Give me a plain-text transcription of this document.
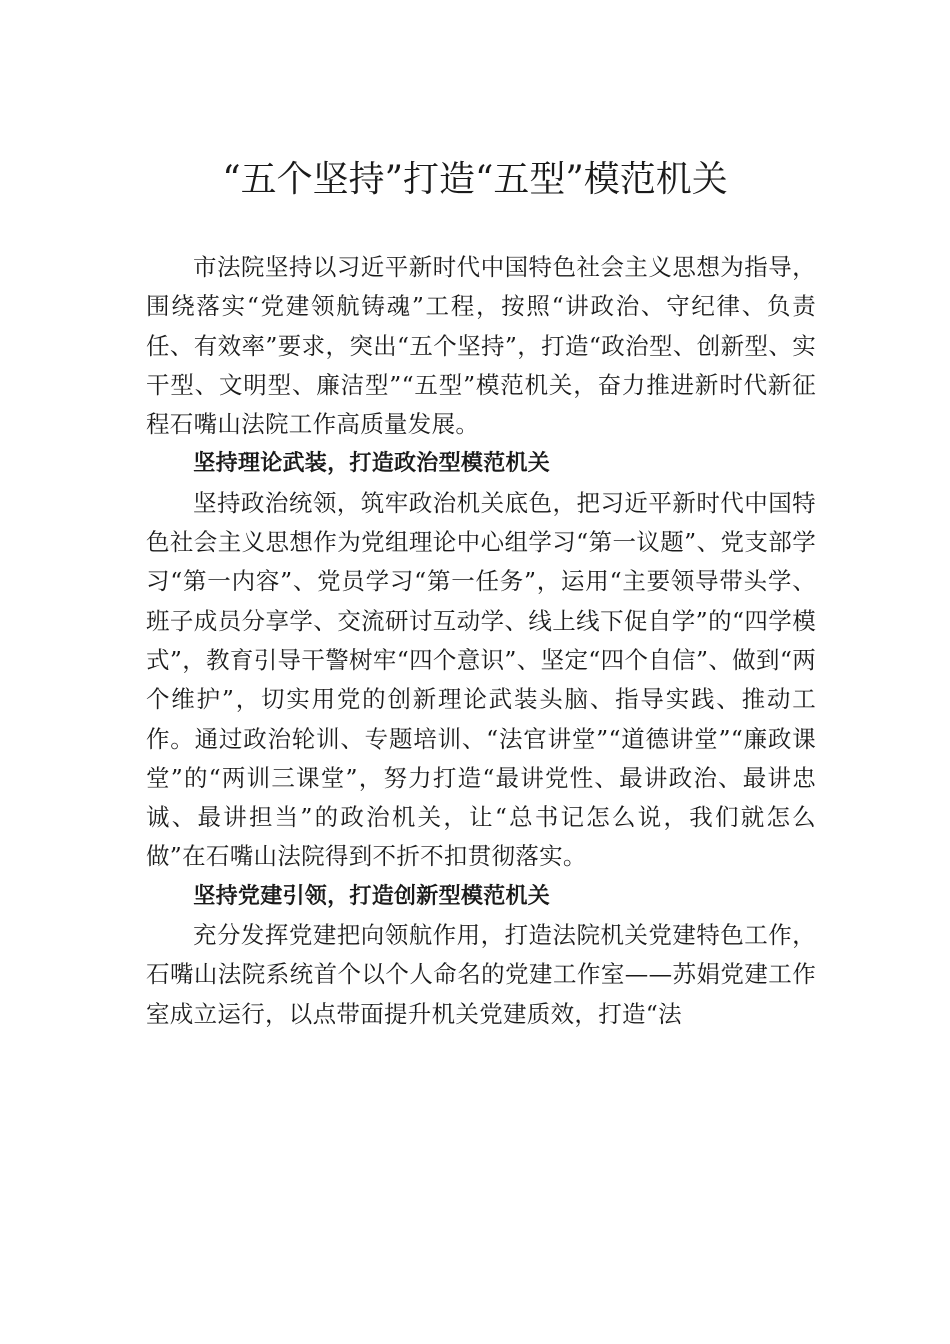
“五个坚持”打造“五型”模范机关

市法院坚持以习近平新时代中国特色社会主义思想为指导，围绕落实“党建领航铸魂”工程，按照“讲政治、守纪律、负责任、有效率”要求，突出“五个坚持”，打造“政治型、创新型、实干型、文明型、廉洁型”“五型”模范机关，奋力推进新时代新征程石嘴山法院工作高质量发展。

坚持理论武装，打造政治型模范机关

坚持政治统领，筑牢政治机关底色，把习近平新时代中国特色社会主义思想作为党组理论中心组学习“第一议题”、党支部学习“第一内容”、党员学习“第一任务”，运用“主要领导带头学、班子成员分享学、交流研讨互动学、线上线下促自学”的“四学模式”，教育引导干警树牢“四个意识”、坚定“四个自信”、做到“两个维护”，切实用党的创新理论武装头脑、指导实践、推动工作。通过政治轮训、专题培训、“法官讲堂”“道德讲堂”“廉政课堂”的“两训三课堂”，努力打造“最讲党性、最讲政治、最讲忠诚、最讲担当”的政治机关，让“总书记怎么说，我们就怎么做”在石嘴山法院得到不折不扣贯彻落实。

坚持党建引领，打造创新型模范机关

充分发挥党建把向领航作用，打造法院机关党建特色工作，石嘴山法院系统首个以个人命名的党建工作室——苏娟党建工作室成立运行，以点带面提升机关党建质效，打造“法
